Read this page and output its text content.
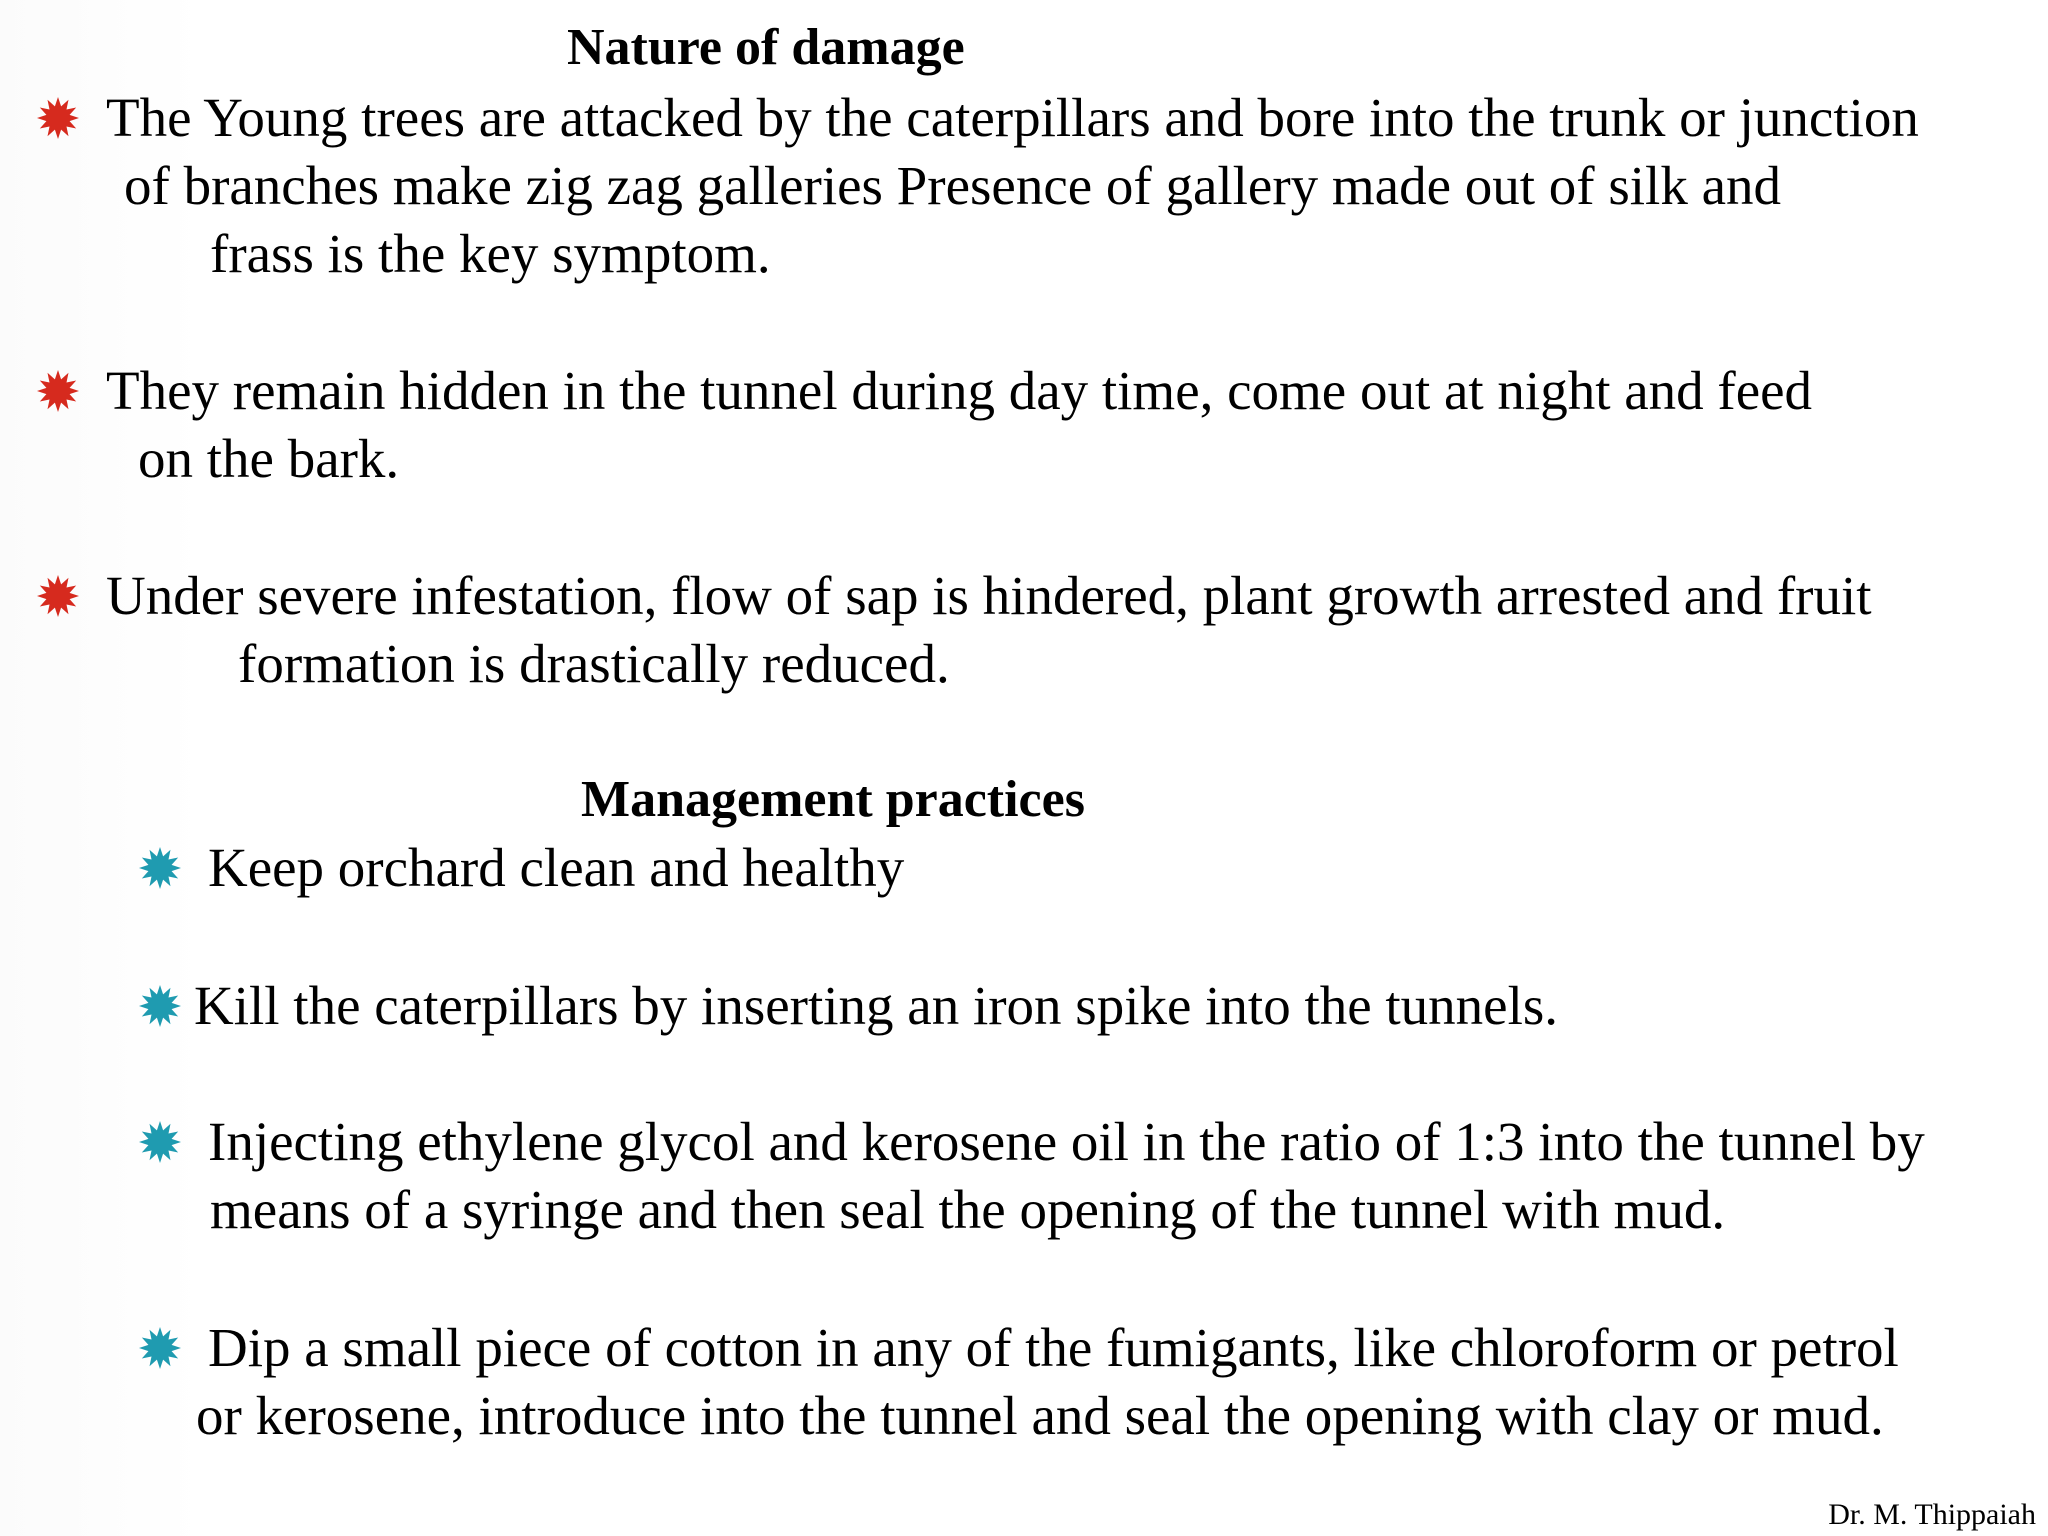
Nature of damage
The Young trees are attacked by the caterpillars and bore into the trunk or junction
of branches make zig zag galleries Presence of gallery made out of silk and
frass is the key symptom.
They remain hidden in the tunnel during day time, come out at night and feed
on the bark.
Under severe infestation, flow of sap is hindered, plant growth arrested and fruit
formation is drastically reduced.
Management practices
Keep orchard clean and healthy
Kill the caterpillars by inserting an iron spike into the tunnels.
Injecting ethylene glycol and kerosene oil in the ratio of 1:3 into the tunnel by
means of a syringe and then seal the opening of the tunnel with mud.
Dip a small piece of cotton in any of the fumigants, like chloroform or petrol
or kerosene, introduce into the tunnel and seal the opening with clay or mud.
Dr. M. Thippaiah
